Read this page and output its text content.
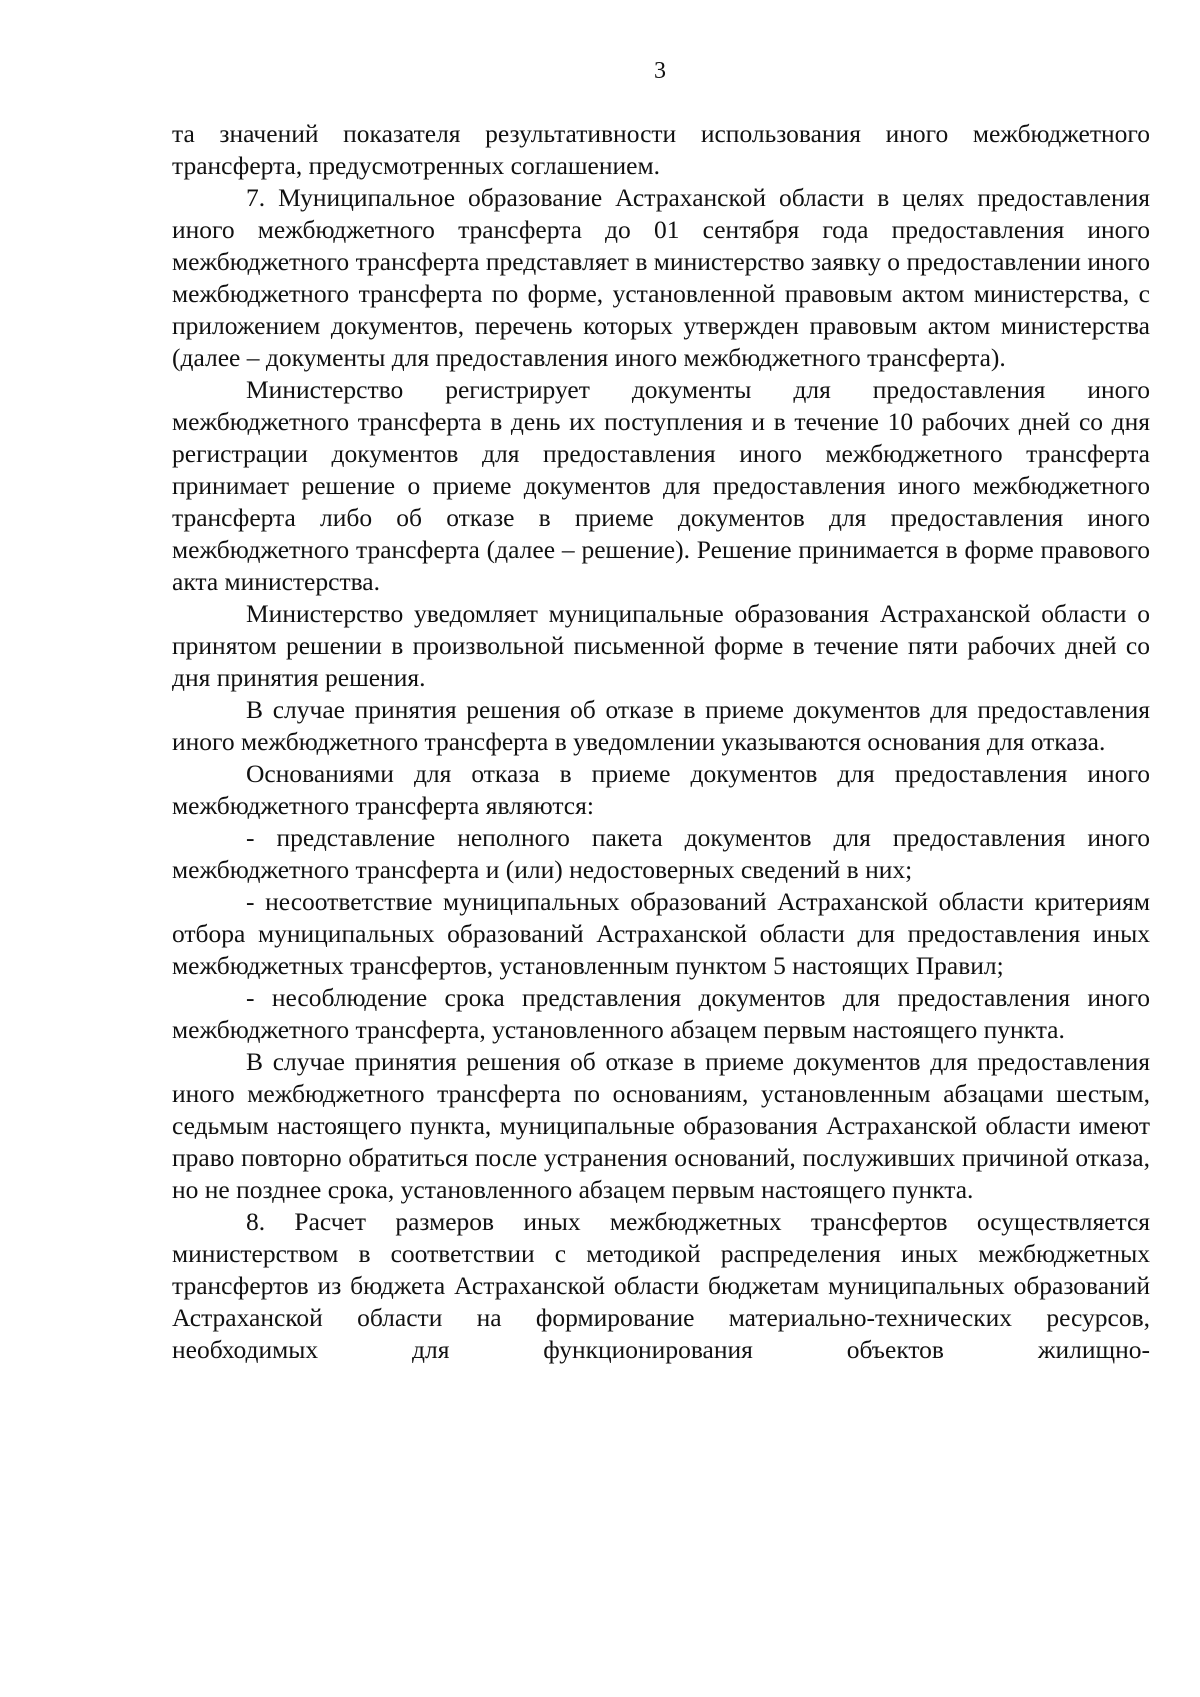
3

та значений показателя результативности использования иного межбюджетного трансферта, предусмотренных соглашением.

7. Муниципальное образование Астраханской области в целях предоставления иного межбюджетного трансферта до 01 сентября года предоставления иного межбюджетного трансферта представляет в министерство заявку о предоставлении иного межбюджетного трансферта по форме, установленной правовым актом министерства, с приложением документов, перечень которых утвержден правовым актом министерства (далее – документы для предоставления иного межбюджетного трансферта).

Министерство регистрирует документы для предоставления иного межбюджетного трансферта в день их поступления и в течение 10 рабочих дней со дня регистрации документов для предоставления иного межбюджетного трансферта принимает решение о приеме документов для предоставления иного межбюджетного трансферта либо об отказе в приеме документов для предоставления иного межбюджетного трансферта (далее – решение). Решение принимается в форме правового акта министерства.

Министерство уведомляет муниципальные образования Астраханской области о принятом решении в произвольной письменной форме в течение пяти рабочих дней со дня принятия решения.

В случае принятия решения об отказе в приеме документов для предоставления иного межбюджетного трансферта в уведомлении указываются основания для отказа.

Основаниями для отказа в приеме документов для предоставления иного межбюджетного трансферта являются:

- представление неполного пакета документов для предоставления иного межбюджетного трансферта и (или) недостоверных сведений в них;

- несоответствие муниципальных образований Астраханской области критериям отбора муниципальных образований Астраханской области для предоставления иных межбюджетных трансфертов, установленным пунктом 5 настоящих Правил;

- несоблюдение срока представления документов для предоставления иного межбюджетного трансферта, установленного абзацем первым настоящего пункта.

В случае принятия решения об отказе в приеме документов для предоставления иного межбюджетного трансферта по основаниям, установленным абзацами шестым, седьмым настоящего пункта, муниципальные образования Астраханской области имеют право повторно обратиться после устранения оснований, послуживших причиной отказа, но не позднее срока, установленного абзацем первым настоящего пункта.

8. Расчет размеров иных межбюджетных трансфертов осуществляется министерством в соответствии с методикой распределения иных межбюджетных трансфертов из бюджета Астраханской области бюджетам муниципальных образований Астраханской области на формирование материально-технических ресурсов, необходимых для функционирования объектов жилищно-
